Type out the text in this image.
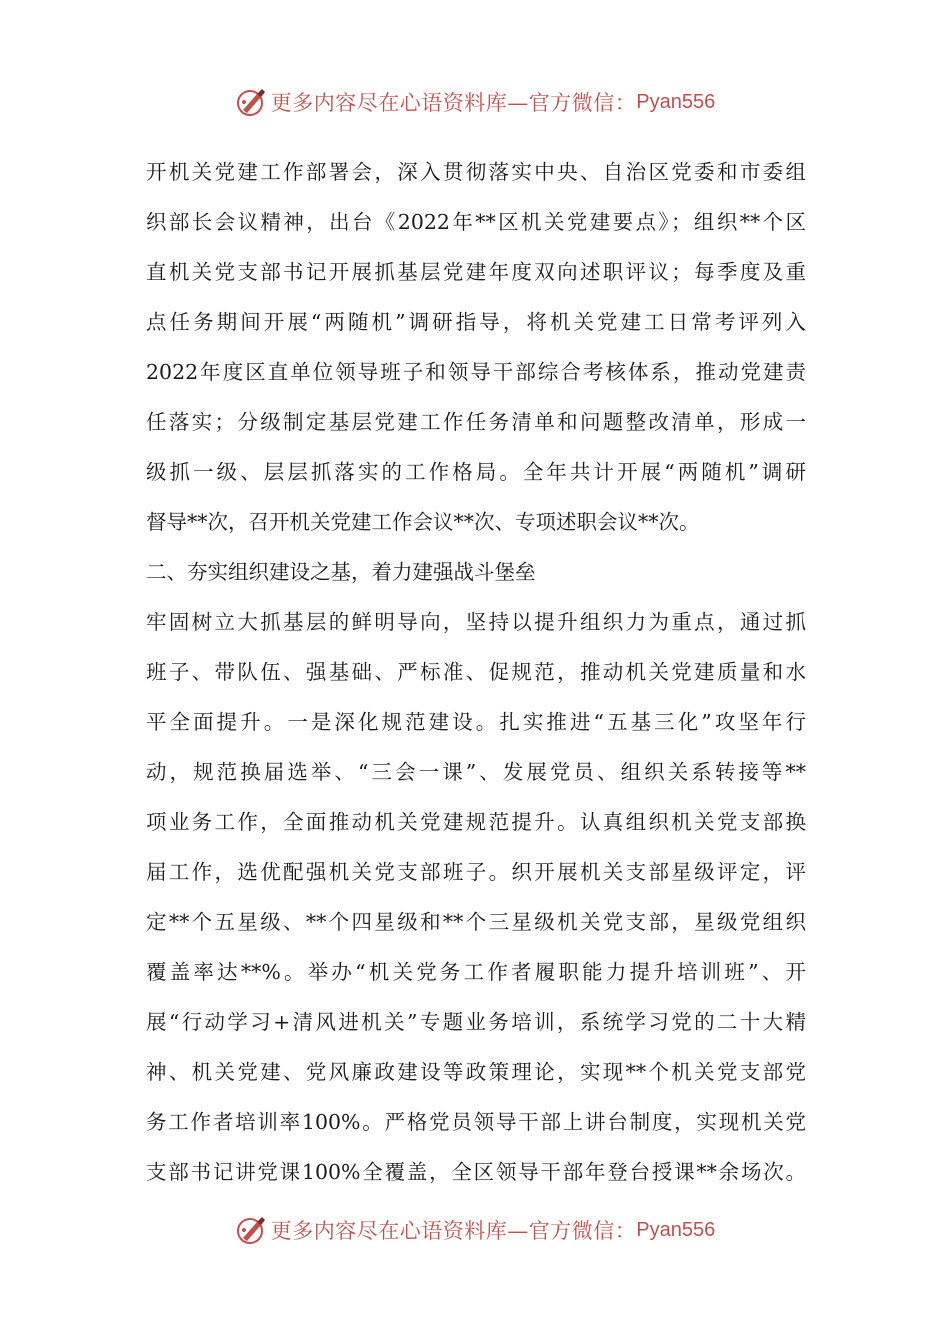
更多内容尽在心语资料库—官方微信： Pyan556
开机关党建工作部署会，深入贯彻落实中央、自治区党委和市委组
织部长会议精神，出台《2022年**区机关党建要点》；组织**个区
直机关党支部书记开展抓基层党建年度双向述职评议；每季度及重
点任务期间开展“两随机”调研指导，将机关党建工日常考评列入
2022年度区直单位领导班子和领导干部综合考核体系，推动党建责
任落实；分级制定基层党建工作任务清单和问题整改清单，形成一
级抓一级、层层抓落实的工作格局。全年共计开展“两随机”调研
督导**次，召开机关党建工作会议**次、专项述职会议**次。
二、夯实组织建设之基，着力建强战斗堡垒
牢固树立大抓基层的鲜明导向，坚持以提升组织力为重点，通过抓
班子、带队伍、强基础、严标准、促规范，推动机关党建质量和水
平全面提升。一是深化规范建设。扎实推进“五基三化”攻坚年行
动，规范换届选举、“三会一课”、发展党员、组织关系转接等**
项业务工作，全面推动机关党建规范提升。认真组织机关党支部换
届工作，选优配强机关党支部班子。织开展机关支部星级评定，评
定**个五星级、**个四星级和**个三星级机关党支部，星级党组织
覆盖率达**%。举办“机关党务工作者履职能力提升培训班”、开
展“行动学习+清风进机关”专题业务培训，系统学习党的二十大精
神、机关党建、党风廉政建设等政策理论，实现**个机关党支部党
务工作者培训率100%。严格党员领导干部上讲台制度，实现机关党
支部书记讲党课100%全覆盖，全区领导干部年登台授课**余场次。
更多内容尽在心语资料库—官方微信： Pyan556
